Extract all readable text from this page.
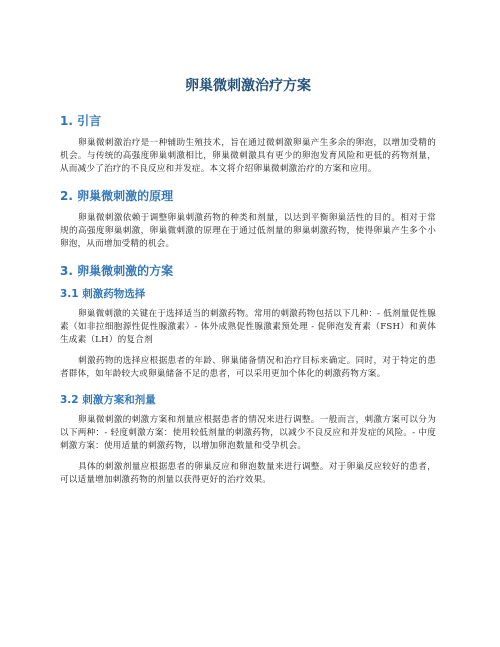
卵巢微刺激治疗方案
1. 引言

卵巢微刺激治疗是一种辅助生殖技术，旨在通过微刺激卵巢产生多余的卵泡，以增加受精的机会。与传统的高强度卵巢刺激相比，卵巢微刺激具有更少的卵泡发育风险和更低的药物剂量，从而减少了治疗的不良反应和并发症。本文将介绍卵巢微刺激治疗的方案和应用。

2. 卵巢微刺激的原理

卵巢微刺激依赖于调整卵巢刺激药物的种类和剂量，以达到平衡卵巢活性的目的。相对于常规的高强度卵巢刺激，卵巢微刺激的原理在于通过低剂量的卵巢刺激药物，使得卵巢产生多个小卵泡，从而增加受精的机会。

3. 卵巢微刺激的方案
3.1 刺激药物选择

卵巢微刺激的关键在于选择适当的刺激药物。常用的刺激药物包括以下几种：- 低剂量促性腺素（如非拉细胞源性促性腺激素）- 体外成熟促性腺激素预处理 - 促卵泡发育素（FSH）和黄体生成素（LH）的复合剂

刺激药物的选择应根据患者的年龄、卵巢储备情况和治疗目标来确定。同时，对于特定的患者群体，如年龄较大或卵巢储备不足的患者，可以采用更加个体化的刺激药物方案。

3.2 刺激方案和剂量

卵巢微刺激的刺激方案和剂量应根据患者的情况来进行调整。一般而言，刺激方案可以分为以下两种：- 轻度刺激方案：使用较低剂量的刺激药物，以减少不良反应和并发症的风险。- 中度刺激方案：使用适量的刺激药物，以增加卵泡数量和受孕机会。

具体的刺激剂量应根据患者的卵巢反应和卵泡数量来进行调整。对于卵巢反应较好的患者，可以适量增加刺激药物的剂量以获得更好的治疗效果。
